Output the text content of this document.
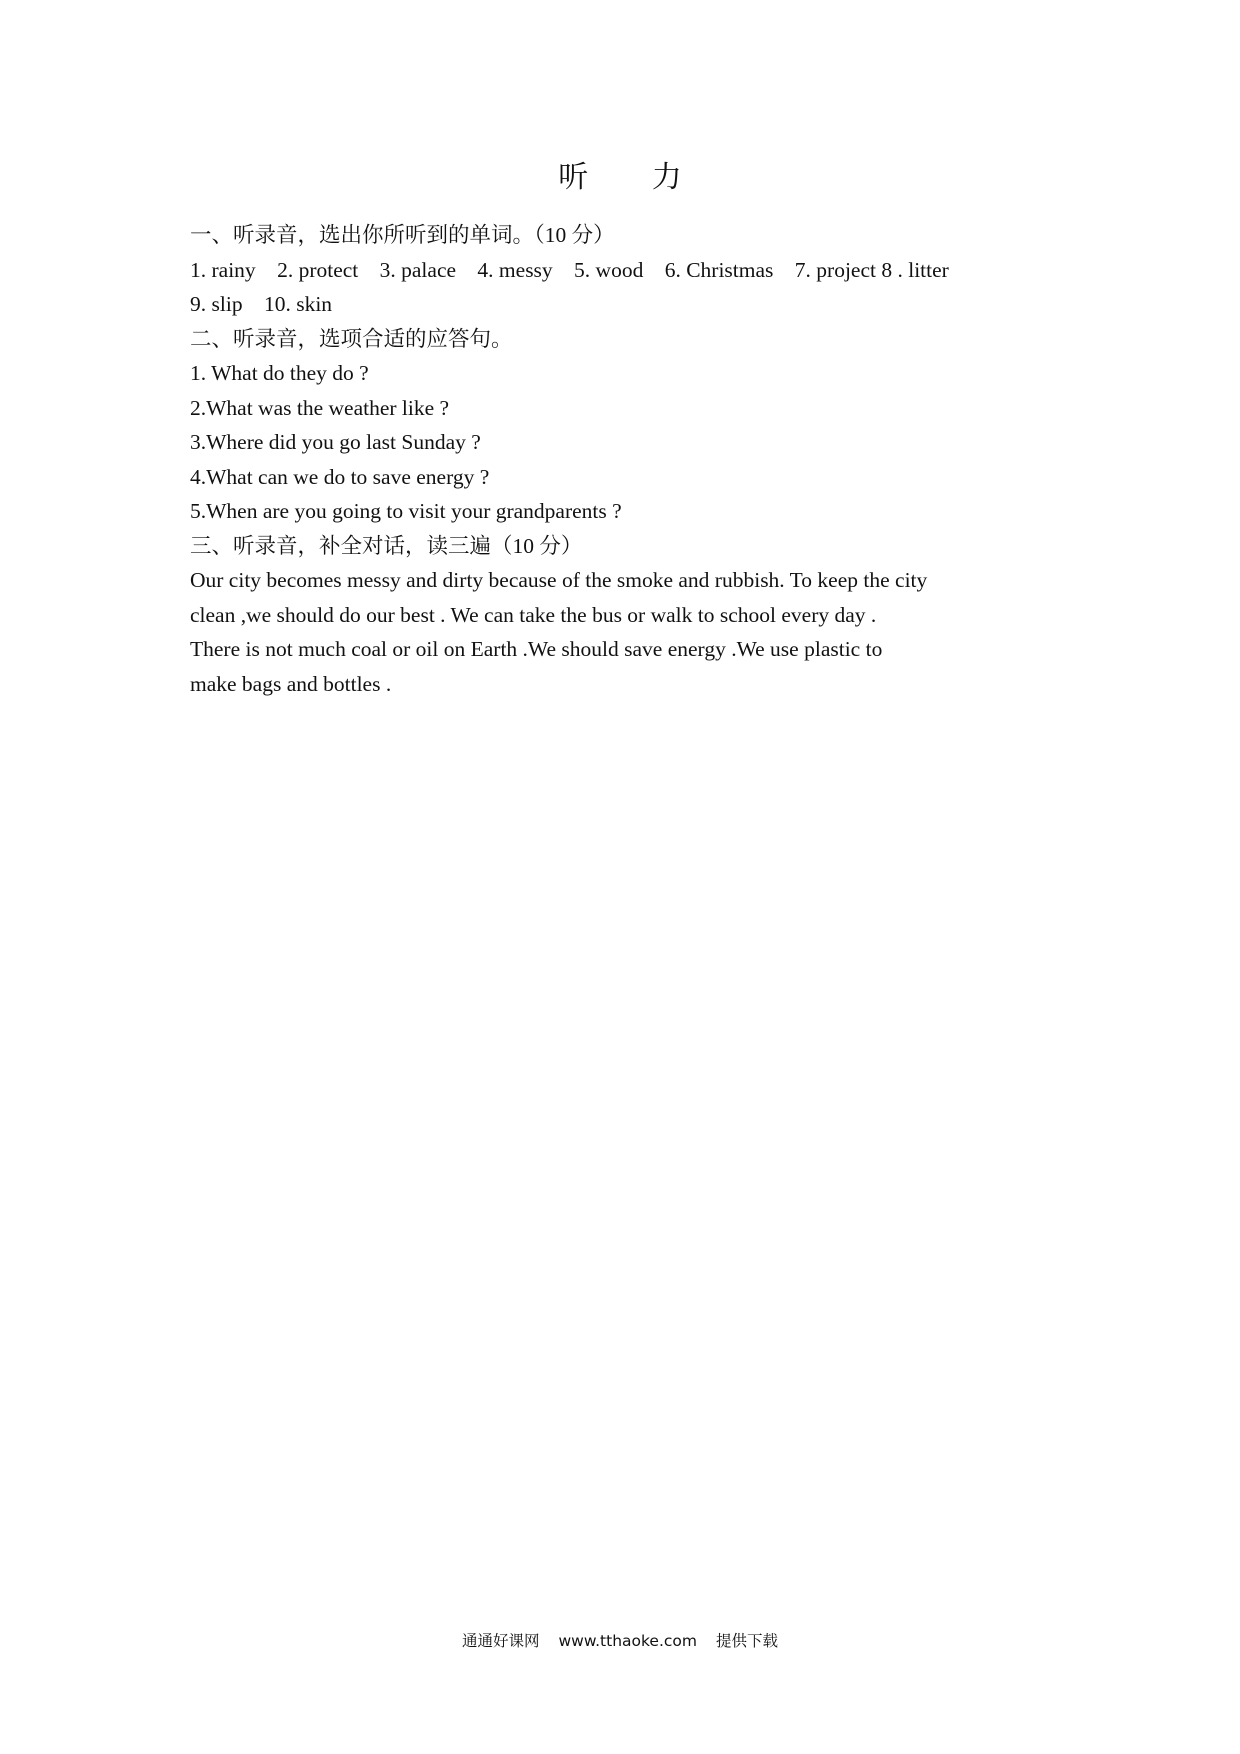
听 力

一、听录音，选出你所听到的单词。（10 分）

1. rainy 2. protect 3. palace 4. messy 5. wood 6. Christmas 7. project 8 . litter

9. slip 10. skin

二、听录音，选项合适的应答句。

1. What do they do ?

2.What was the weather like ?

3.Where did you go last Sunday ?

4.What can we do to save energy ?

5.When are you going to visit your grandparents ?

三、听录音，补全对话，读三遍（10 分）

Our city becomes messy and dirty because of the smoke and rubbish. To keep the city

clean ,we should do our best . We can take the bus or walk to school every day .

There is not much coal or oil on Earth .We should save energy .We use plastic to

make bags and bottles .

通通好课网 www.tthaoke.com 提供下载
